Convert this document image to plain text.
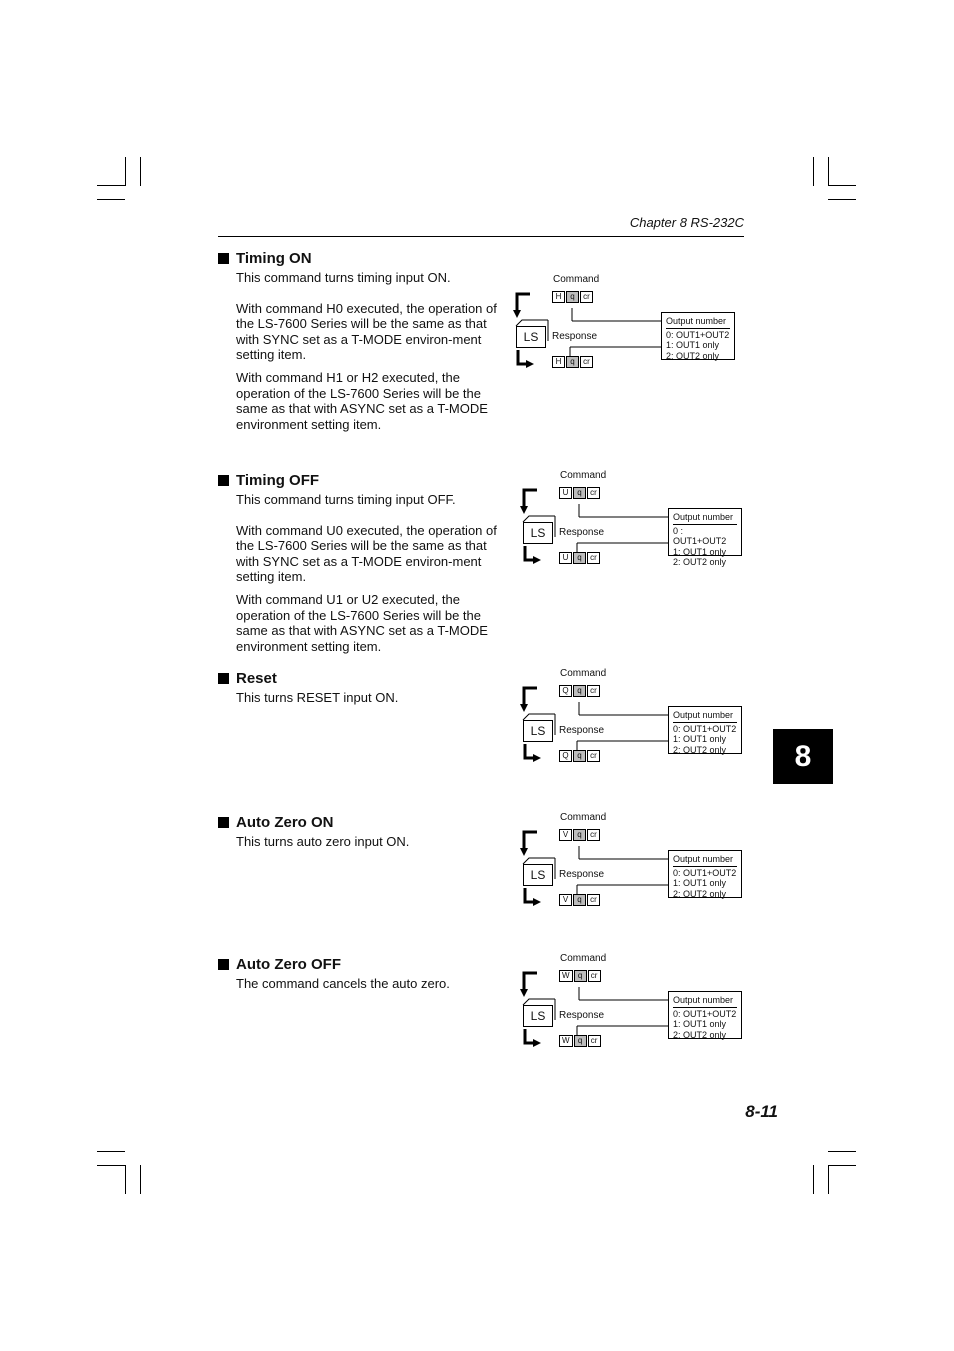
Chapter 8 RS-232C
8
8-11
Timing ON

This command turns timing input ON.

With command H0 executed, the operation of the LS-7600 Series will be the same as that with SYNC set as a T-MODE environ-ment setting item.

With command H1 or H2 executed, the operation of the LS-7600 Series will be the same as that with ASYNC set as a T-MODE environment setting item.

Timing OFF

This command turns timing input OFF.

With command U0 executed, the operation of the LS-7600 Series will be the same as that with SYNC set as a T-MODE environ-ment setting item.

With command U1 or U2 executed, the operation of the LS-7600 Series will be the same as that with ASYNC set as a T-MODE environment setting item.

Reset

This turns RESET input ON.

Auto Zero ON

This turns auto zero input ON.

Auto Zero OFF

The command cancels the auto zero.

Command
H	q	cr
LS	Response
H	q	cr
Output number
0: OUT1+OUT2
1: OUT1 only
2: OUT2 only
Command
U	q	cr
LS	Response
U	q	cr
Output number
0 : OUT1+OUT2
1: OUT1 only
2: OUT2 only
Command
Q	q	cr
LS	Response
Q	q	cr
Output number
0: OUT1+OUT2
1: OUT1 only
2: OUT2 only
Command
V	q	cr
LS	Response
V	q	cr
Output number
0: OUT1+OUT2
1: OUT1 only
2: OUT2 only
Command
W	q	cr
LS	Response
W	q	cr
Output number
0: OUT1+OUT2
1: OUT1 only
2: OUT2 only
